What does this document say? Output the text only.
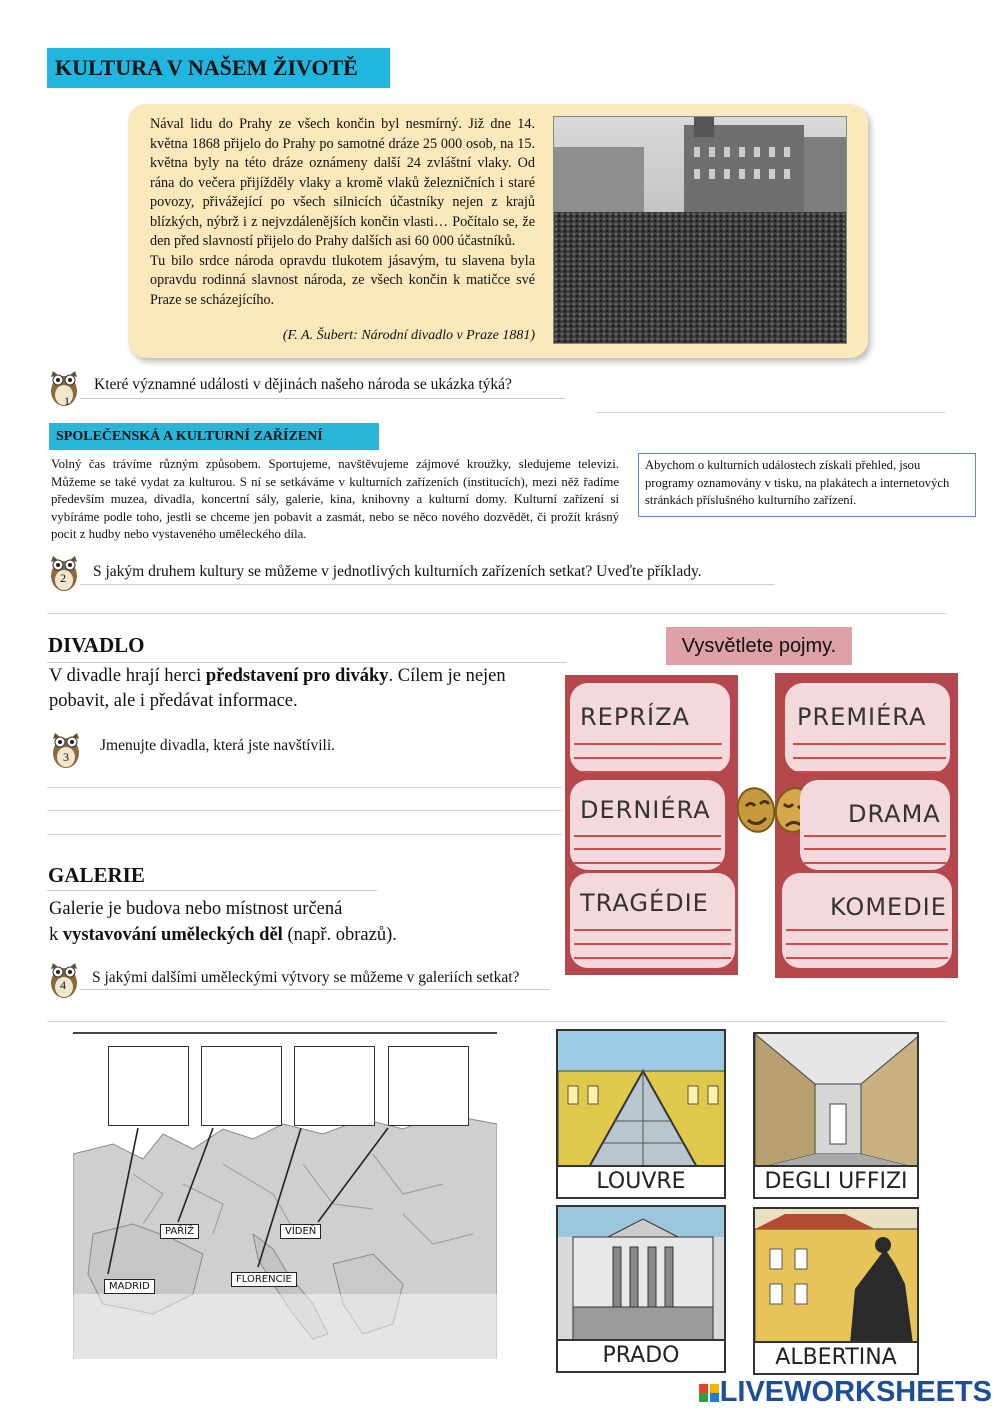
KULTURA V NAŠEM ŽIVOTĚ

Nával lidu do Prahy ze všech končin byl nesmírný. Již dne 14. května 1868 přijelo do Prahy po samotné dráze 25 000 osob, na 15. května byly na této dráze oznámeny další 24 zvláštní vlaky. Od rána do večera přijížděly vlaky a kromě vlaků železničních i staré povozy, přivážející po všech silnicích účastníky nejen z krajů blízkých, nýbrž i z nejvzdálenějších končin vlasti… Počítalo se, že den před slavností přijelo do Prahy dalších asi 60 000 účastníků.

Tu bilo srdce národa opravdu tlukotem jásavým, tu slavena byla opravdu rodinná slavnost národa, ze všech končin k matičce své Praze se scházejícího.

(F. A. Šubert: Národní divadlo v Praze 1881)
1
Které významné události v dějinách našeho národa se ukázka týká?
SPOLEČENSKÁ A KULTURNÍ ZAŘÍZENÍ
Volný čas trávíme různým způsobem. Sportujeme, navštěvujeme zájmové kroužky, sledujeme televizi. Můžeme se také vydat za kulturou. S ní se setkáváme v kulturních zařízeních (institucích), mezi něž řadíme především muzea, divadla, koncertní sály, galerie, kina, knihovny a kulturní domy. Kulturní zařízení si vybíráme podle toho, jestli se chceme jen pobavit a zasmát, nebo se něco nového dozvědět, či prožít krásný pocit z hudby nebo vystaveného uměleckého díla.
Abychom o kulturních událostech získali přehled, jsou programy oznamovány v tisku, na plakátech a internetových stránkách příslušného kulturního zařízení.
2 S jakým druhem kultury se můžeme v jednotlivých kulturních zařízeních setkat? Uveďte příklady.
DIVADLO
V divadle hrají herci představení pro diváky. Cílem je nejen
pobavit, ale i předávat informace.
3
Jmenujte divadla, která jste navštívili.
Vysvětlete pojmy.
REPRÍZA
DERNIÉRA
TRAGÉDIE
PREMIÉRA
DRAMA
KOMEDIE
GALERIE
Galerie je budova nebo místnost určená
k vystavování uměleckých děl (např. obrazů).
4 S jakými dalšími uměleckými výtvory se můžeme v galeriích setkat?
PAŘÍŽ	VÍDEŇ
MADRID
FLORENCIE
LOUVRE	DEGLI UFFIZI
PRADO	ALBERTINA

LIVEWORKSHEETS
